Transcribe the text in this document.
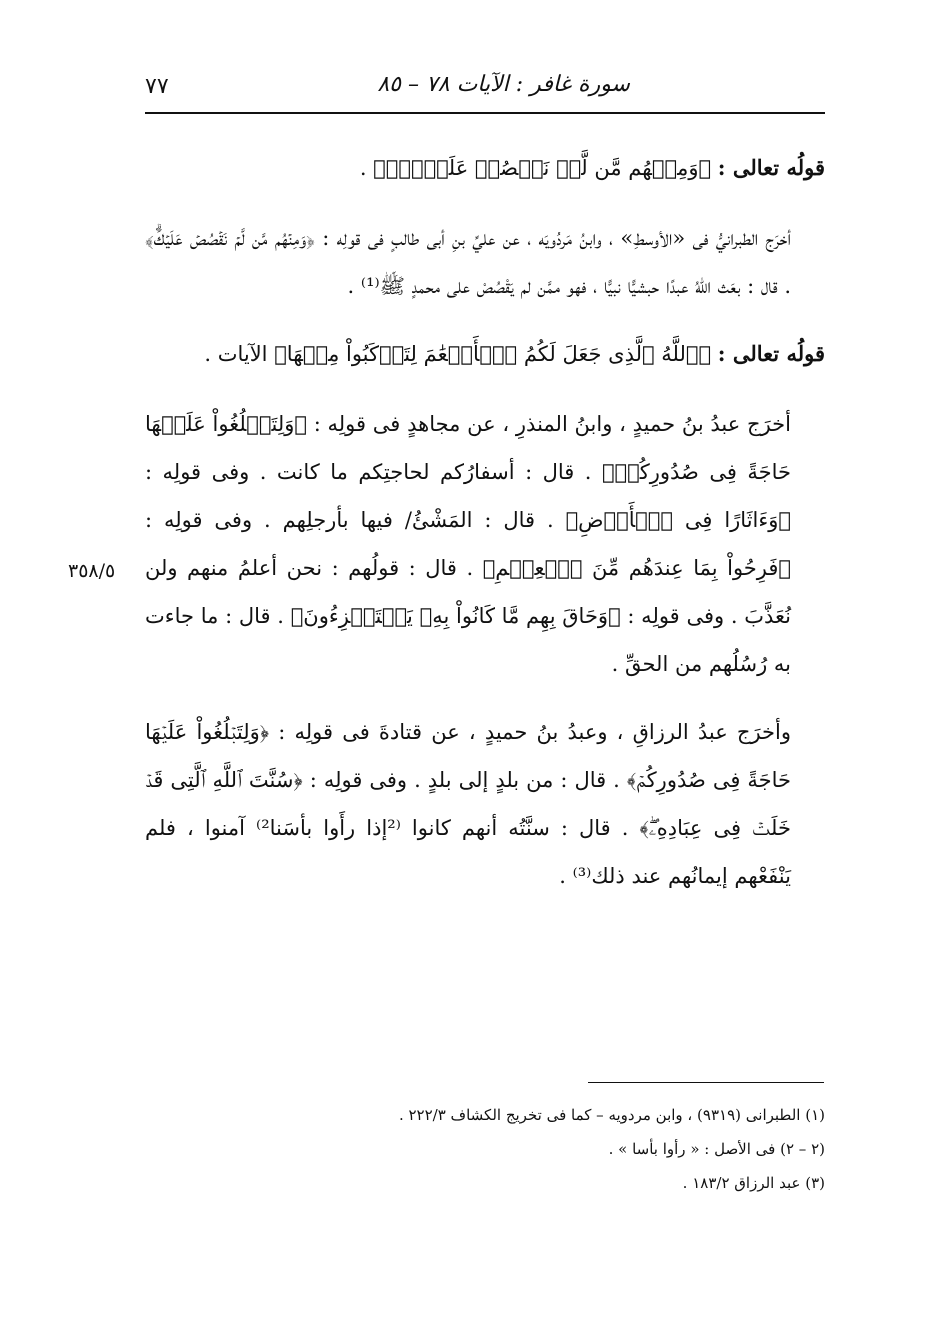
٧٧	سورة غافر : الآيات ٧٨ – ٨٥

قولُه تعالى : ﴿وَمِنۡهُم مَّن لَّمۡ نَقۡصُصۡ عَلَيۡكَۗ﴾ .

أخرَج الطبرانيُّ فى «الأوسطِ» ، وابنُ مَردُويَه ، عن عليِّ بنِ أبى طالبٍ فى قولِه : ﴿وَمِنۡهُم مَّن لَّمۡ نَقۡصُصۡ عَلَيۡكَۗ﴾ . قال : بعَث اللهُ عبدًا حبشيًّا نبيًّا ، فهو ممَّن لم يَقْصُصْ على محمدٍ ﷺ⁽¹⁾ .

قولُه تعالى : ﴿ٱللَّهُ ٱلَّذِى جَعَلَ لَكُمُ ٱلۡأَنۡعَٰمَ لِتَرۡكَبُواْ مِنۡهَا﴾ الآيات .

أخرَج عبدُ بنُ حميدٍ ، وابنُ المنذرِ ، عن مجاهدٍ فى قولِه : ﴿وَلِتَبۡلُغُواْ عَلَيۡهَا حَاجَةً فِى صُدُورِكُمۡ﴾ . قال : أسفارُكم لحاجتِكم ما كانت . وفى قولِه : ﴿وَءَاثَارًا فِى ٱلۡأَرۡضِ﴾ . قال : المَشْئُ/ فيها بأرجلِهم . وفى قولِه : ﴿فَرِحُواْ بِمَا عِندَهُم مِّنَ ٱلۡعِلۡمِ﴾ . قال : قولُهم : نحن أعلمُ منهم ولن نُعَذَّبَ . وفى قولِه : ﴿وَحَاقَ بِهِم مَّا كَانُواْ بِهِۦ يَسۡتَهۡزِءُونَ﴾ . قال : ما جاءت به رُسُلُهم من الحقِّ .

وأخرَج عبدُ الرزاقِ ، وعبدُ بنُ حميدٍ ، عن قتادةَ فى قولِه : ﴿وَلِتَبۡلُغُواْ عَلَيۡهَا حَاجَةً فِى صُدُورِكُمۡ﴾ . قال : من بلدٍ إلى بلدٍ . وفى قولِه : ﴿سُنَّتَ ٱللَّهِ ٱلَّتِى قَدۡ خَلَتۡ فِى عِبَادِهِۦۖ﴾ . قال : سنَّتُه أنهم كانوا ⁽²إذا رأَوا بأسَنا²⁾ آمنوا ، فلم يَنْفَعْهم إيمانُهم عند ذلك⁽³⁾ .

٣٥٨/٥
(١) الطبرانى (٩٣١٩) ، وابن مردويه – كما فى تخريج الكشاف ٢٢٢/٣ .
(٢ – ٢) فى الأصل : « رأوا بأسا » .
(٣) عبد الرزاق ١٨٣/٢ .
